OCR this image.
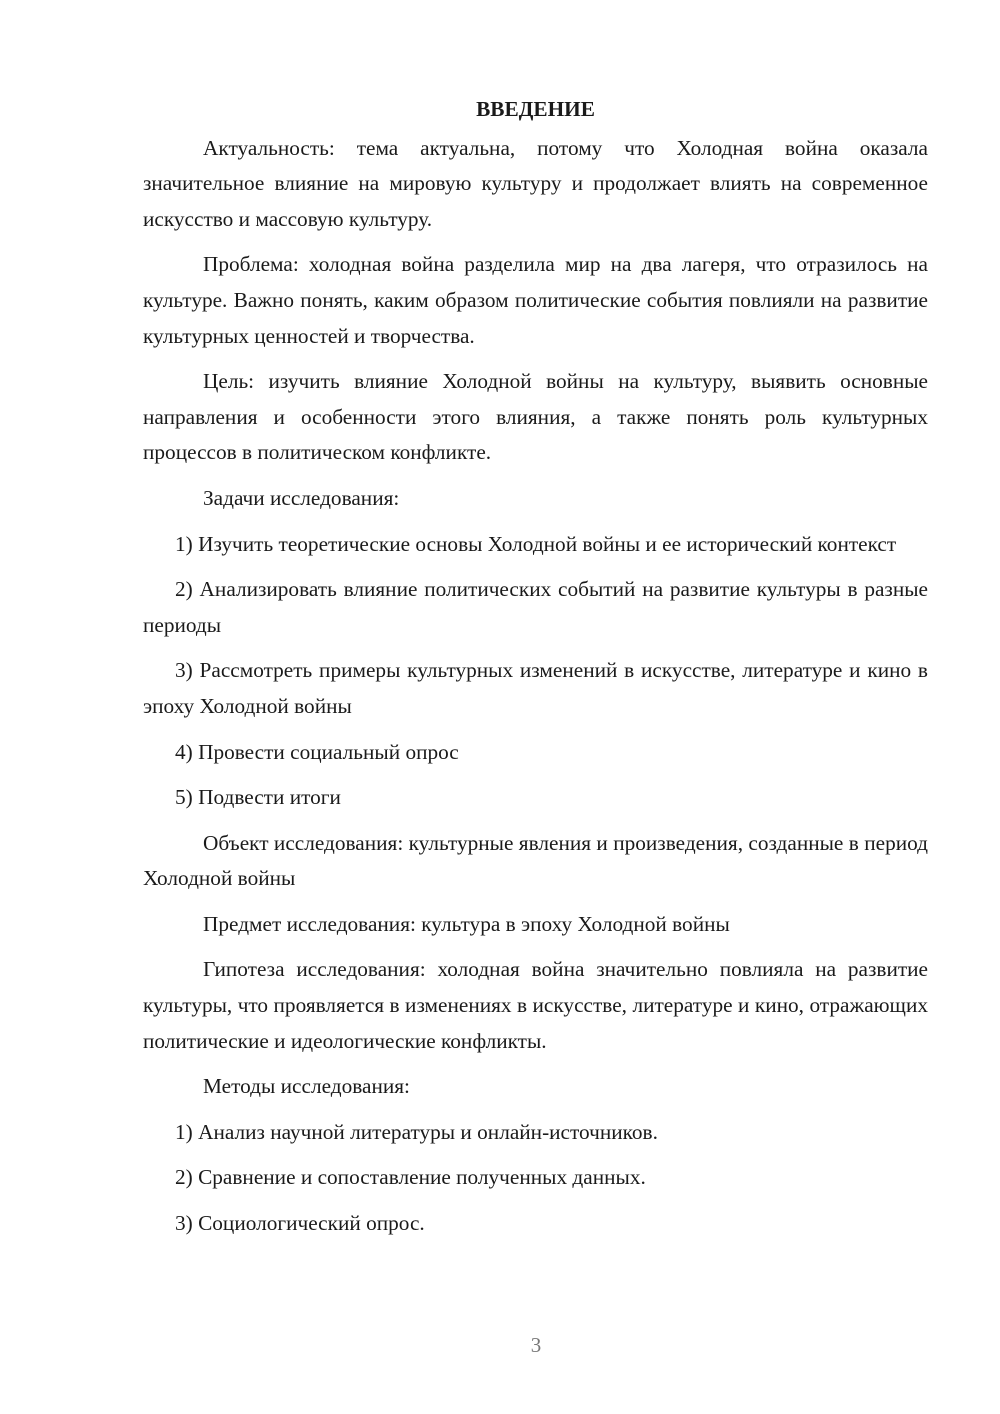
ВВЕДЕНИЕ

Актуальность: тема актуальна, потому что Холодная война оказала значительное влияние на мировую культуру и продолжает влиять на современное искусство и массовую культуру.

Проблема: холодная война разделила мир на два лагеря, что отразилось на культуре. Важно понять, каким образом политические события повлияли на развитие культурных ценностей и творчества.

Цель: изучить влияние Холодной войны на культуру, выявить основные направления и особенности этого влияния, а также понять роль культурных процессов в политическом конфликте.

Задачи исследования:

1) Изучить теоретические основы Холодной войны и ее исторический контекст

2) Анализировать влияние политических событий на развитие культуры в разные периоды

3) Рассмотреть примеры культурных изменений в искусстве, литературе и кино в эпоху Холодной войны

4) Провести социальный опрос

5) Подвести итоги

Объект исследования: культурные явления и произведения, созданные в период Холодной войны

Предмет исследования: культура в эпоху Холодной войны

Гипотеза исследования: холодная война значительно повлияла на развитие культуры, что проявляется в изменениях в искусстве, литературе и кино, отражающих политические и идеологические конфликты.

Методы исследования:

1) Анализ научной литературы и онлайн-источников.

2) Сравнение и сопоставление полученных данных.

3) Социологический опрос.

3
